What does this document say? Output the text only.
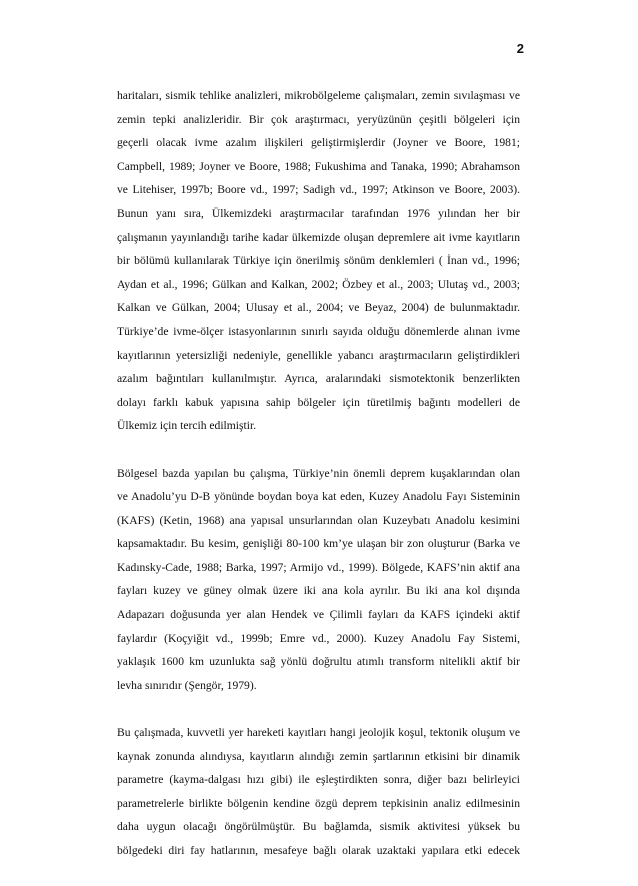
2
haritaları, sismik tehlike analizleri, mikrobölgeleme çalışmaları, zemin sıvılaşması ve
zemin tepki analizleridir. Bir çok araştırmacı, yeryüzünün çeşitli bölgeleri için
geçerli olacak ivme azalım ilişkileri geliştirmişlerdir (Joyner ve Boore, 1981;
Campbell, 1989; Joyner ve Boore, 1988; Fukushima and Tanaka, 1990; Abrahamson
ve Litehiser, 1997b; Boore vd., 1997; Sadigh vd., 1997; Atkinson ve Boore, 2003).
Bunun yanı sıra, Ülkemizdeki araştırmacılar tarafından 1976 yılından her bir
çalışmanın yayınlandığı tarihe kadar ülkemizde oluşan depremlere ait ivme kayıtların
bir bölümü kullanılarak Türkiye için önerilmiş sönüm denklemleri ( İnan vd., 1996;
Aydan et al., 1996; Gülkan and Kalkan, 2002; Özbey et al., 2003; Ulutaş vd., 2003;
Kalkan ve Gülkan, 2004; Ulusay et al., 2004; ve Beyaz, 2004) de bulunmaktadır.
Türkiye’de ivme-ölçer istasyonlarının sınırlı sayıda olduğu dönemlerde alınan ivme
kayıtlarının yetersizliği nedeniyle, genellikle yabancı araştırmacıların geliştirdikleri
azalım bağıntıları kullanılmıştır. Ayrıca, aralarındaki sismotektonik benzerlikten
dolayı farklı kabuk yapısına sahip bölgeler için türetilmiş bağıntı modelleri de
Ülkemiz için tercih edilmiştir.
Bölgesel bazda yapılan bu çalışma, Türkiye’nin önemli deprem kuşaklarından olan
ve Anadolu’yu D-B yönünde boydan boya kat eden, Kuzey Anadolu Fayı Sisteminin
(KAFS) (Ketin, 1968) ana yapısal unsurlarından olan Kuzeybatı Anadolu kesimini
kapsamaktadır. Bu kesim, genişliği 80-100 km’ye ulaşan bir zon oluşturur (Barka ve
Kadınsky-Cade, 1988; Barka, 1997; Armijo vd., 1999). Bölgede, KAFS’nin aktif ana
fayları kuzey ve güney olmak üzere iki ana kola ayrılır. Bu iki ana kol dışında
Adapazarı doğusunda yer alan Hendek ve Çilimli fayları da KAFS içindeki aktif
faylardır (Koçyiğit vd., 1999b; Emre vd., 2000). Kuzey Anadolu Fay Sistemi,
yaklaşık 1600 km uzunlukta sağ yönlü doğrultu atımlı transform nitelikli aktif bir
levha sınırıdır (Şengör, 1979).
Bu çalışmada, kuvvetli yer hareketi kayıtları hangi jeolojik koşul, tektonik oluşum ve
kaynak zonunda alındıysa, kayıtların alındığı zemin şartlarının etkisini bir dinamik
parametre (kayma-dalgası hızı gibi) ile eşleştirdikten sonra, diğer bazı belirleyici
parametrelerle birlikte bölgenin kendine özgü deprem tepkisinin analiz edilmesinin
daha uygun olacağı öngörülmüştür. Bu bağlamda, sismik aktivitesi yüksek bu
bölgedeki diri fay hatlarının, mesafeye bağlı olarak uzaktaki yapılara etki edecek
